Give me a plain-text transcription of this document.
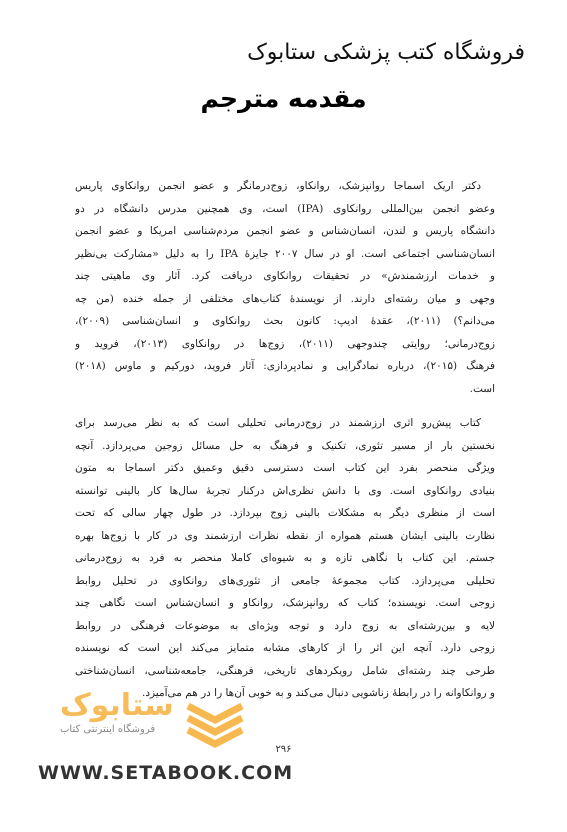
فروشگاه کتب پزشکی ستابوک
مقدمه مترجم
دکتر اریک اسماجا روانپزشک، روانکاو، زوج‌درمانگر و عضو انجمن روانکاوی پاریس
وعضو انجمن بین‌المللی روانکاوی (IPA) است، وی همچنین مدرس دانشگاه در دو
دانشگاه پاریس و لندن، انسان‌شناس و عضو انجمن مردم‌شناسی امریکا و عضو انجمن
انسان‌شناسی اجتماعی است. او در سال ۲۰۰۷ جایزهٔ IPA را به دلیل «مشارکت بی‌نظیر
و خدمات ارزشمندش» در تحقیقات روانکاوی دریافت کرد. آثار وی ماهیتی چند
وجهی و میان رشته‌ای دارند. از نویسندهٔ کتاب‌های مختلفی از جمله خنده (من چه
می‌دانم؟) (۲۰۱۱)، عقدهٔ ادیپ: کانون بحث روانکاوی و انسان‌شناسی (۲۰۰۹)،
زوج‌درمانی؛ روایتی چندوجهی (۲۰۱۱)، زوج‌ها در روانکاوی (۲۰۱۳)، فروید و
فرهنگ (۲۰۱۵)، درباره نمادگرایی و نمادپردازی: آثار فروید، دورکیم و ماوس (۲۰۱۸)
است.
کتاب پیش‌رو اثری ارزشمند در زوج‌درمانی تحلیلی است که به نظر می‌رسد برای
نخستین بار از مسیر تئوری، تکنیک و فرهنگ به حل مسائل زوجین می‌پردازد. آنچه
ویژگی منحصر بفرد این کتاب است دسترسی دقیق وعمیق دکتر اسماجا به متون
بنیادی روانکاوی است. وی با دانش نظری‌اش درکنار تجربهٔ سال‌ها کار بالینی توانسته
است از منظری دیگر به مشکلات بالینی زوج بپردازد. در طول چهار سالی که تحت
نظارت بالینی ایشان هستم همواره از نقطه نظرات ارزشمند وی در کار با زوج‌ها بهره
جستم. این کتاب با نگاهی تازه و به شیوه‌ای کاملا منحصر به فرد به زوج‌درمانی
تحلیلی می‌پردازد. کتاب مجموعهٔ جامعی از تئوری‌های روانکاوی در تحلیل روابط
زوجی است. نویسنده؛ کتاب که روانپزشک، روانکاو و انسان‌شناس است نگاهی چند
لایه و بین‌رشته‌ای به زوج دارد و توجه ویژه‌ای به موضوعات فرهنگی در روابط
زوجی دارد. آنچه این اثر را از کارهای مشابه متمایز می‌کند این است که نویسنده
طرحی چند رشته‌ای شامل رویکردهای تاریخی، فرهنگی، جامعه‌شناسی، انسان‌شناختی
و روانکاوانه را در رابطهٔ زناشویی دنبال می‌کند و به خوبی آن‌ها را در هم می‌آمیزد.
ستابوک
فروشگاه اینترنتی کتاب
۲۹۶
WWW.SETABOOK.COM
